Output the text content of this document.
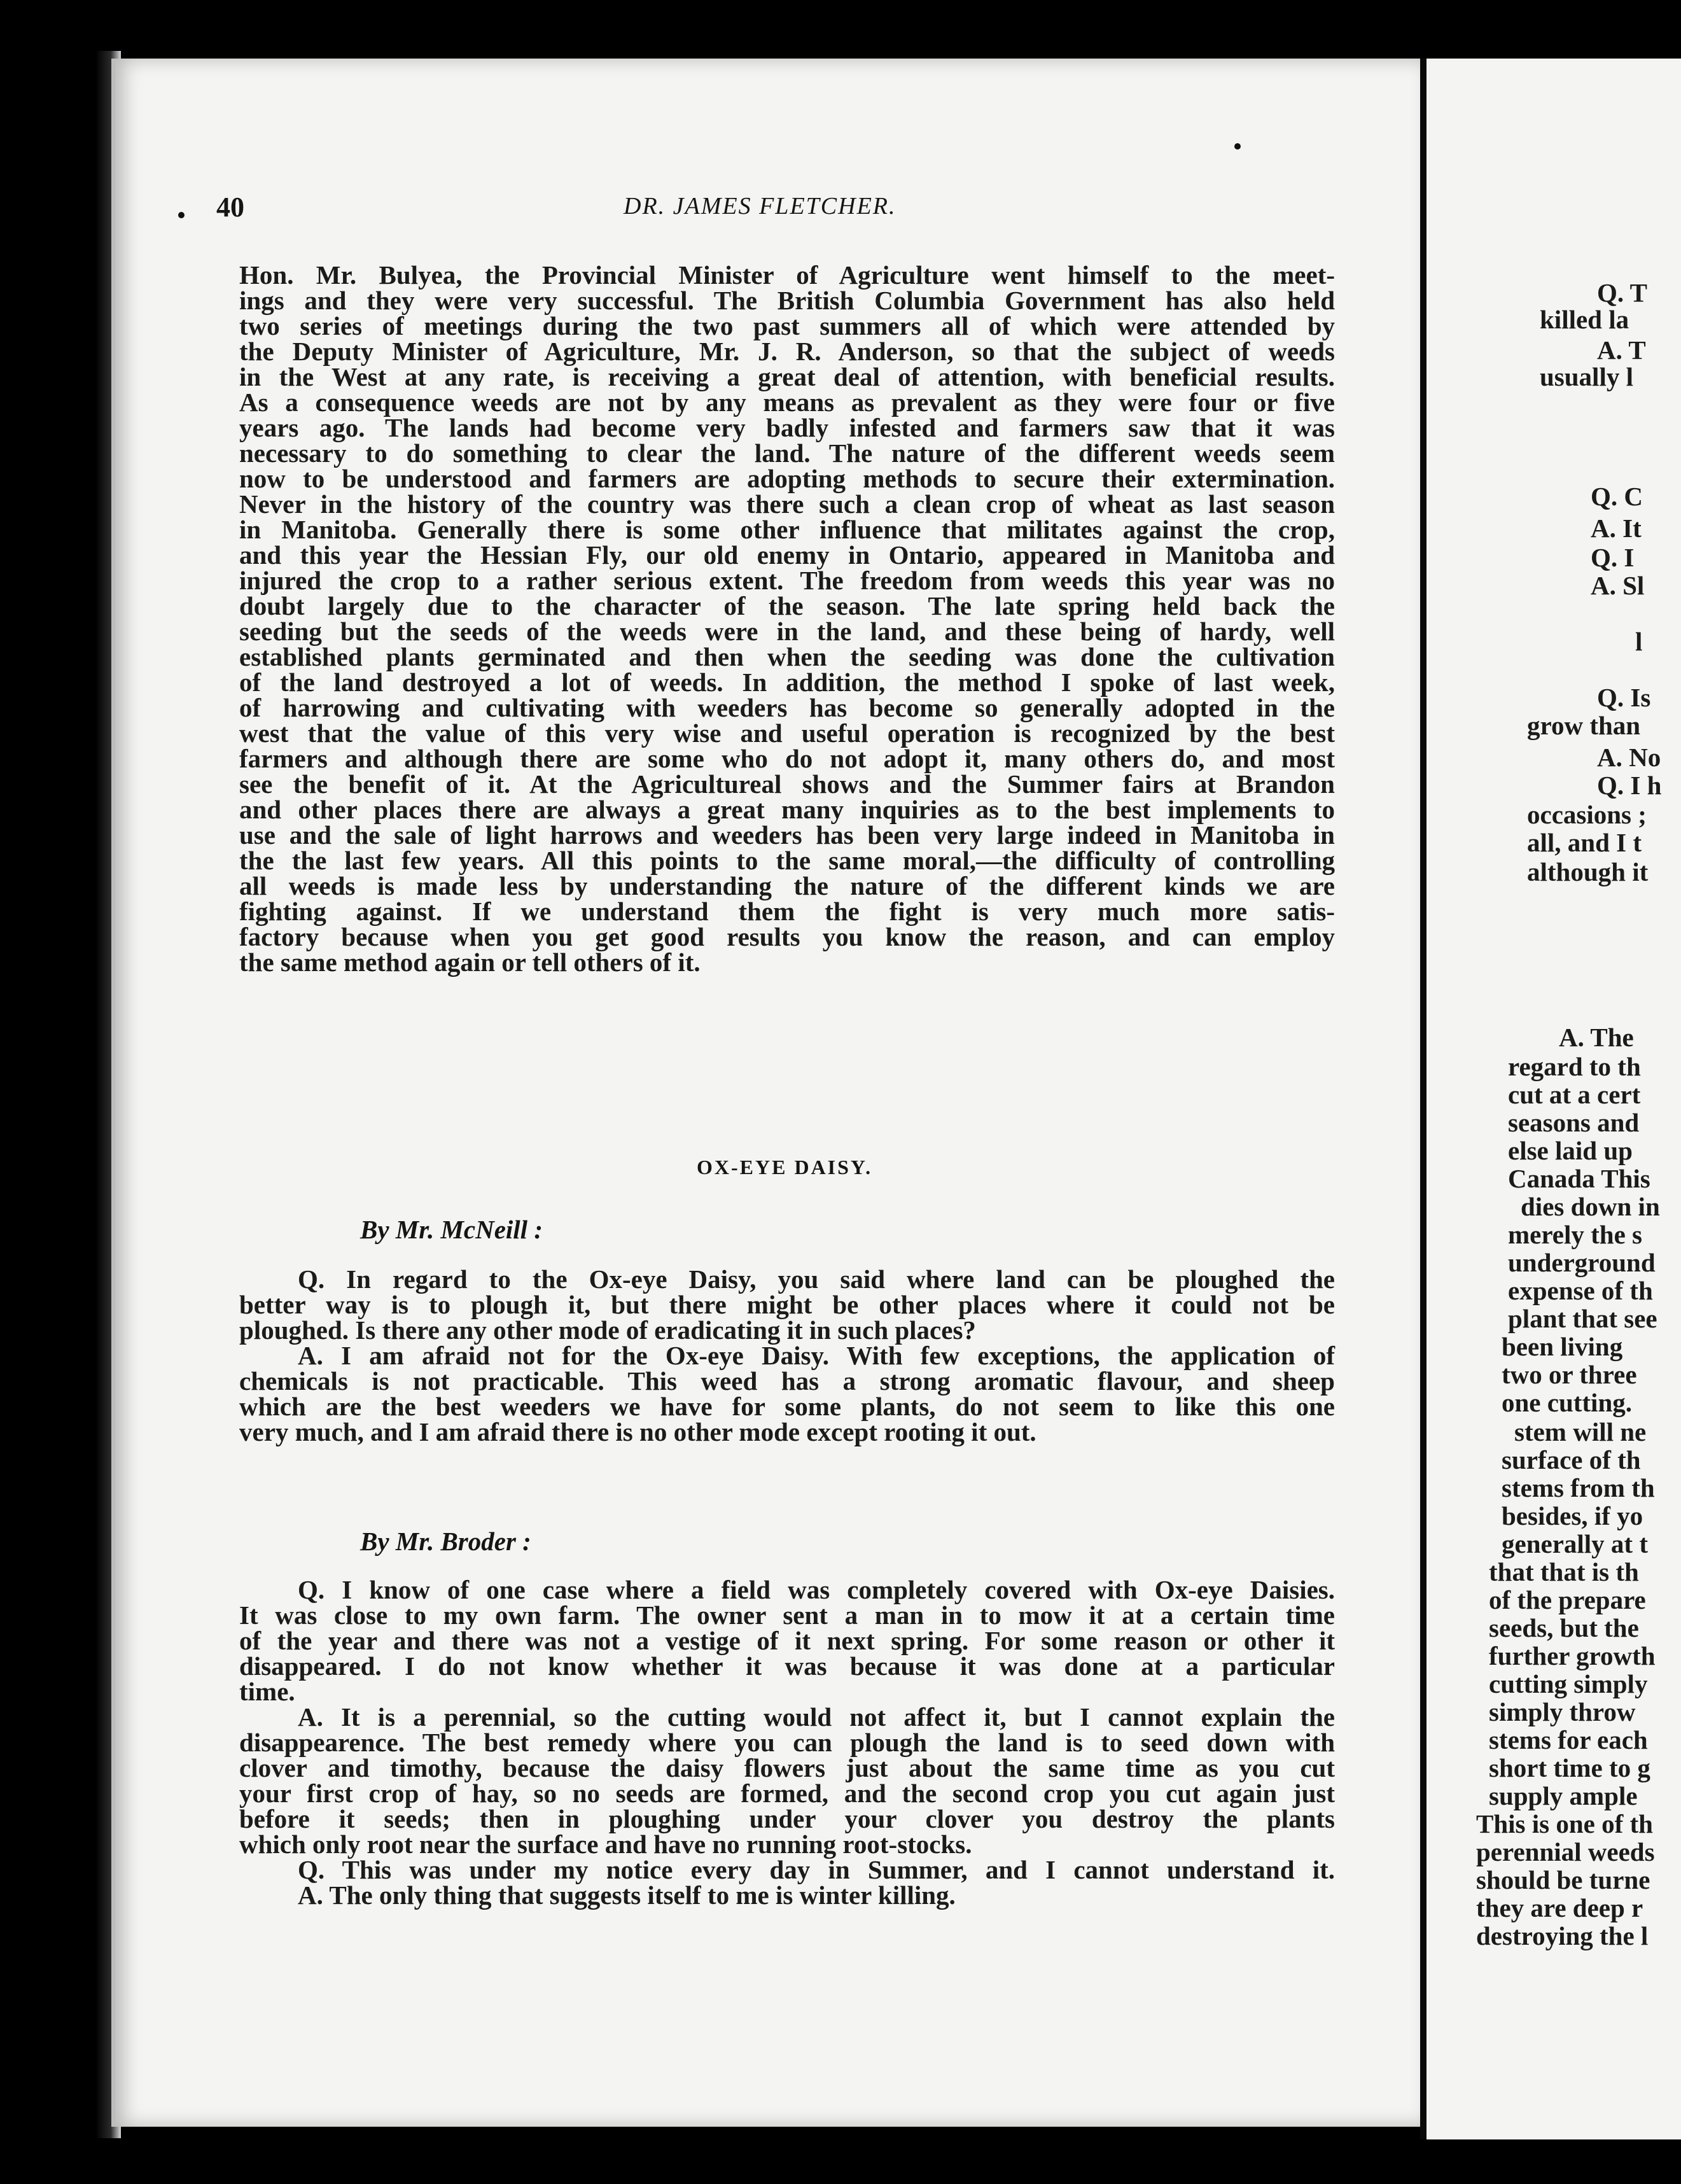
40	DR. JAMES FLETCHER.
Hon. Mr. Bulyea, the Provincial Minister of Agriculture went himself to the meet-
ings and they were very successful. The British Columbia Government has also held
two series of meetings during the two past summers all of which were attended by
the Deputy Minister of Agriculture, Mr. J. R. Anderson, so that the subject of weeds
in the West at any rate, is receiving a great deal of attention, with beneficial results.
As a consequence weeds are not by any means as prevalent as they were four or five
years ago. The lands had become very badly infested and farmers saw that it was
necessary to do something to clear the land. The nature of the different weeds seem
now to be understood and farmers are adopting methods to secure their extermination.
Never in the history of the country was there such a clean crop of wheat as last season
in Manitoba. Generally there is some other influence that militates against the crop,
and this year the Hessian Fly, our old enemy in Ontario, appeared in Manitoba and
injured the crop to a rather serious extent. The freedom from weeds this year was no
doubt largely due to the character of the season. The late spring held back the
seeding but the seeds of the weeds were in the land, and these being of hardy, well
established plants germinated and then when the seeding was done the cultivation
of the land destroyed a lot of weeds. In addition, the method I spoke of last week,
of harrowing and cultivating with weeders has become so generally adopted in the
west that the value of this very wise and useful operation is recognized by the best
farmers and although there are some who do not adopt it, many others do, and most
see the benefit of it. At the Agricultureal shows and the Summer fairs at Brandon
and other places there are always a great many inquiries as to the best implements to
use and the sale of light harrows and weeders has been very large indeed in Manitoba in
the the last few years. All this points to the same moral,—the difficulty of controlling
all weeds is made less by understanding the nature of the different kinds we are
fighting against. If we understand them the fight is very much more satis-
factory because when you get good results you know the reason, and can employ
the same method again or tell others of it.
OX-EYE DAISY.
By Mr. McNeill :
Q. In regard to the Ox-eye Daisy, you said where land can be ploughed the
better way is to plough it, but there might be other places where it could not be
ploughed. Is there any other mode of eradicating it in such places?
A. I am afraid not for the Ox-eye Daisy. With few exceptions, the application of
chemicals is not practicable. This weed has a strong aromatic flavour, and sheep
which are the best weeders we have for some plants, do not seem to like this one
very much, and I am afraid there is no other mode except rooting it out.
By Mr. Broder :
Q. I know of one case where a field was completely covered with Ox-eye Daisies.
It was close to my own farm. The owner sent a man in to mow it at a certain time
of the year and there was not a vestige of it next spring. For some reason or other it
disappeared. I do not know whether it was because it was done at a particular
time.
A. It is a perennial, so the cutting would not affect it, but I cannot explain the
disappearence. The best remedy where you can plough the land is to seed down with
clover and timothy, because the daisy flowers just about the same time as you cut
your first crop of hay, so no seeds are formed, and the second crop you cut again just
before it seeds; then in ploughing under your clover you destroy the plants
which only root near the surface and have no running root-stocks.
Q. This was under my notice every day in Summer, and I cannot understand it.
A. The only thing that suggests itself to me is winter killing.
Q. T
killed la
A. T
usually l
Q. C
A. It
Q. I
A. Sl
l
Q. Is
grow than
A. No
Q. I h
occasions ;
all, and I t
although it
A. The
regard to th
cut at a cert
seasons and
else laid up
Canada This
dies down in
merely the s
underground
expense of th
plant that see
been living
two or three
one cutting.
stem will ne
surface of th
stems from th
besides, if yo
generally at t
that that is th
of the prepare
seeds, but the
further growth
cutting simply
simply throw
stems for each
short time to g
supply ample
This is one of th
perennial weeds
should be turne
they are deep r
destroying the l
